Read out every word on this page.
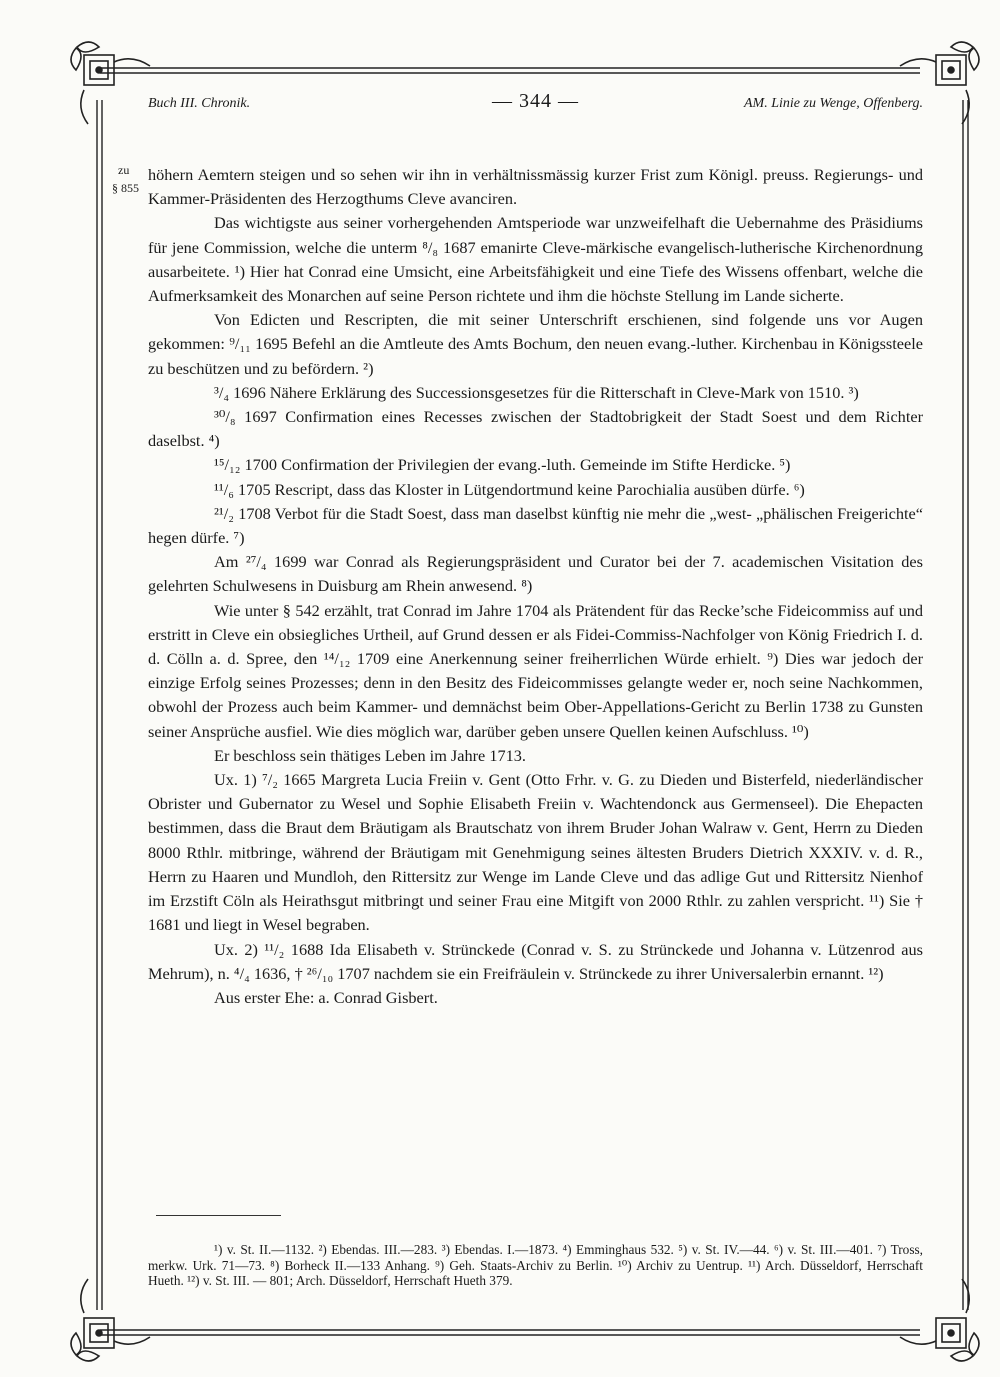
Buch III. Chronik.	— 344 —	AM. Linie zu Wenge, Offenberg.
zu
§ 855

höhern Aemtern steigen und so sehen wir ihn in verhältnissmässig kurzer Frist zum Königl. preuss. Regierungs- und Kammer-Präsidenten des Herzogthums Cleve avanciren.

Das wichtigste aus seiner vorhergehenden Amtsperiode war unzweifelhaft die Uebernahme des Präsidiums für jene Commission, welche die unterm ⁸/₈ 1687 emanirte Cleve-märkische evangelisch-lutherische Kirchenordnung ausarbeitete. ¹) Hier hat Conrad eine Umsicht, eine Arbeitsfähigkeit und eine Tiefe des Wissens offenbart, welche die Aufmerksamkeit des Monarchen auf seine Person richtete und ihm die höchste Stellung im Lande sicherte.

Von Edicten und Rescripten, die mit seiner Unterschrift erschienen, sind folgende uns vor Augen gekommen: ⁹/₁₁ 1695 Befehl an die Amtleute des Amts Bochum, den neuen evang.-luther. Kirchenbau in Königssteele zu beschützen und zu befördern. ²)

³/₄ 1696 Nähere Erklärung des Successionsgesetzes für die Ritterschaft in Cleve-Mark von 1510. ³)

³⁰/₈ 1697 Confirmation eines Recesses zwischen der Stadtobrigkeit der Stadt Soest und dem Richter daselbst. ⁴)

¹⁵/₁₂ 1700 Confirmation der Privilegien der evang.-luth. Gemeinde im Stifte Herdicke. ⁵)

¹¹/₆ 1705 Rescript, dass das Kloster in Lütgendortmund keine Parochialia ausüben dürfe. ⁶)

²¹/₂ 1708 Verbot für die Stadt Soest, dass man daselbst künftig nie mehr die „west- „phälischen Freigerichte“ hegen dürfe. ⁷)

Am ²⁷/₄ 1699 war Conrad als Regierungspräsident und Curator bei der 7. academischen Visitation des gelehrten Schulwesens in Duisburg am Rhein anwesend. ⁸)

Wie unter § 542 erzählt, trat Conrad im Jahre 1704 als Prätendent für das Recke’sche Fideicommiss auf und erstritt in Cleve ein obsiegliches Urtheil, auf Grund dessen er als Fidei-Commiss-Nachfolger von König Friedrich I. d. d. Cölln a. d. Spree, den ¹⁴/₁₂ 1709 eine Anerkennung seiner freiherrlichen Würde erhielt. ⁹) Dies war jedoch der einzige Erfolg seines Prozesses; denn in den Besitz des Fideicommisses gelangte weder er, noch seine Nachkommen, obwohl der Prozess auch beim Kammer- und demnächst beim Ober-Appellations-Gericht zu Berlin 1738 zu Gunsten seiner Ansprüche ausfiel. Wie dies möglich war, darüber geben unsere Quellen keinen Aufschluss. ¹⁰)

Er beschloss sein thätiges Leben im Jahre 1713.

Ux. 1) ⁷/₂ 1665 Margreta Lucia Freiin v. Gent (Otto Frhr. v. G. zu Dieden und Bisterfeld, niederländischer Obrister und Gubernator zu Wesel und Sophie Elisabeth Freiin v. Wachtendonck aus Germenseel). Die Ehepacten bestimmen, dass die Braut dem Bräutigam als Brautschatz von ihrem Bruder Johan Walraw v. Gent, Herrn zu Dieden 8000 Rthlr. mitbringe, während der Bräutigam mit Genehmigung seines ältesten Bruders Dietrich XXXIV. v. d. R., Herrn zu Haaren und Mundloh, den Rittersitz zur Wenge im Lande Cleve und das adlige Gut und Rittersitz Nienhof im Erzstift Cöln als Heirathsgut mitbringt und seiner Frau eine Mitgift von 2000 Rthlr. zu zahlen verspricht. ¹¹) Sie † 1681 und liegt in Wesel begraben.

Ux. 2) ¹¹/₂ 1688 Ida Elisabeth v. Strünckede (Conrad v. S. zu Strünckede und Johanna v. Lützenrod aus Mehrum), n. ⁴/₄ 1636, † ²⁶/₁₀ 1707 nachdem sie ein Freifräulein v. Strünckede zu ihrer Universalerbin ernannt. ¹²)

Aus erster Ehe: a. Conrad Gisbert.

¹) v. St. II.—1132. ²) Ebendas. III.—283. ³) Ebendas. I.—1873. ⁴) Emminghaus 532. ⁵) v. St. IV.—44. ⁶) v. St. III.—401. ⁷) Tross, merkw. Urk. 71—73. ⁸) Borheck II.—133 Anhang. ⁹) Geh. Staats-Archiv zu Berlin. ¹⁰) Archiv zu Uentrup. ¹¹) Arch. Düsseldorf, Herrschaft Hueth. ¹²) v. St. III. — 801; Arch. Düsseldorf, Herrschaft Hueth 379.
